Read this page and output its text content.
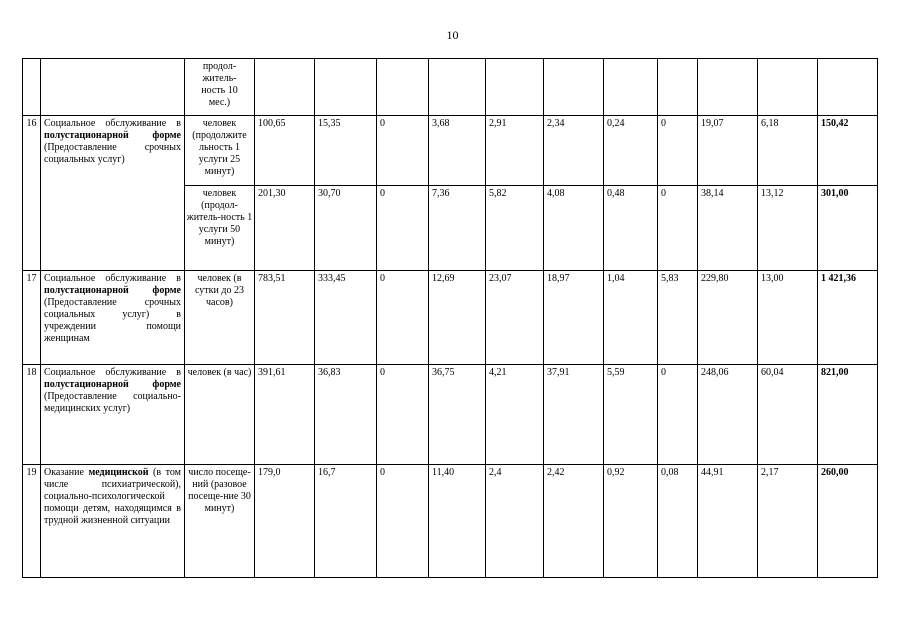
10
		продол-
житель-
ность 10
мес.)											
16	Социальное обслуживание в полустационарной форме (Предоставление срочных социальных услуг)	человек (продолжите льность 1 услуги 25 минут)	100,65	15,35	0	3,68	2,91	2,34	0,24	0	19,07	6,18	150,42
		человек (продол-житель-ность 1 услуги 50 минут)	201,30	30,70	0	7,36	5,82	4,08	0,48	0	38,14	13,12	301,00
17	Социальное обслуживание в полустационарной форме (Предоставление срочных социальных услуг) в учреждении помощи женщинам	человек (в сутки до 23 часов)	783,51	333,45	0	12,69	23,07	18,97	1,04	5,83	229,80	13,00	1 421,36
18	Социальное обслуживание в полустационарной форме (Предоставление социально-медицинских услуг)	человек (в час)	391,61	36,83	0	36,75	4,21	37,91	5,59	0	248,06	60,04	821,00
19	Оказание медицинской (в том числе психиатрической), социально-психологической помощи детям, находящимся в трудной жизненной ситуации	число посеще-ний (разовое посеще-ние 30 минут)	179,0	16,7	0	11,40	2,4	2,42	0,92	0,08	44,91	2,17	260,00
